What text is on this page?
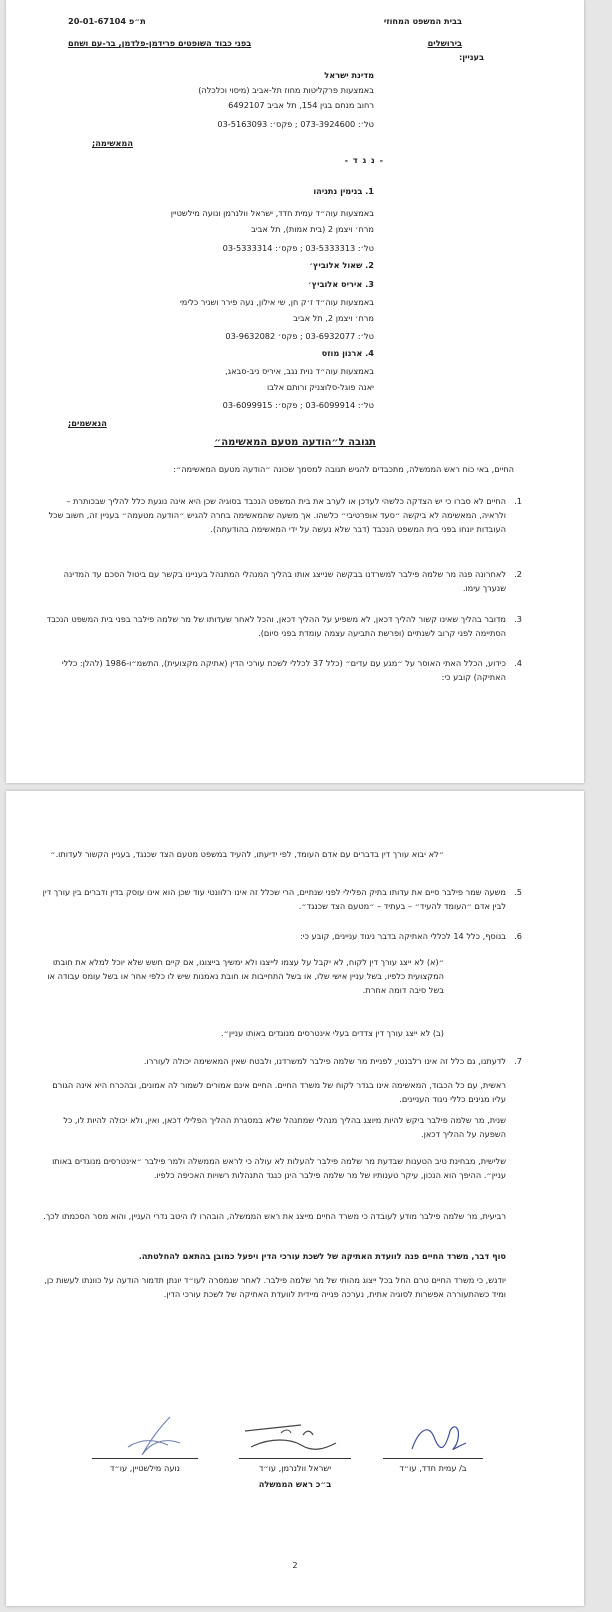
בבית המשפט המחוזי
ת״פ 20-01-67104
בירושלים
בפני כבוד השופטים פרידמן-פלדמן, בר-עם ושחם
בעניין:
מדינת ישראל
באמצעות פרקליטות מחוז תל-אביב (מיסוי וכלכלה)
רחוב מנחם בגין 154, תל אביב 6492107
טל׳: 073-3924600 ; פקס׳: 03-5163093
המאשימה;
- נ ג ד -
1. בנימין נתניהו
באמצעות עוה״ד עמית חדד, ישראל וולנרמן ונועה מילשטיין
מרח׳ ויצמן 2 (בית אמות), תל אביב
טל׳: 03-5333313 ; פקס׳: 03-5333314
2. שאול אלוביץ׳
3. איריס אלוביץ׳
באמצעות עוה״ד ז׳ק חן, שי אילון, נעה פירר ושניר כלימי
מרח׳ ויצמן 2, תל אביב
טל׳: 03-6932077 ; פקס׳ 03-9632082
4. ארנון מוזס
באמצעות עוה״ד נוית נגב, איריס ניב-סבאג,
יאנה פוגל-סלוצניק ורותם אלבו
טל׳: 03-6099914 ; פקס׳: 03-6099915
הנאשמים;
תגובה ל״הודעה מטעם המאשימה״
החיים, באי כוח ראש הממשלה, מתכבדים להגיש תגובה למסמך שכונה ״הודעה מטעם המאשימה״:
1.
החיים לא סברו כי יש הצדקה כלשהי לעדכן או לערב את בית המשפט הנכבד בסוגיה שכן היא אינה נוגעת כלל להליך שבכותרת – ולראיה, המאשימה לא ביקשה ״סעד אופרטיבי״ כלשהו. אך משעה שהמאשימה בחרה להגיש ״הודעה מטעמה״ בעניין זה, חשוב שכל העובדות יונחו בפני בית המשפט הנכבד (דבר שלא נעשה על ידי המאשימה בהודעתה).
2.
לאחרונה פנה מר שלמה פילבר למשרדנו בבקשה שנייצג אותו בהליך המנהלי המתנהל בעניינו בקשר עם ביטול הסכם עד המדינה שנערך עימו.
3.
מדובר בהליך שאינו קשור להליך דכאן, לא משפיע על ההליך דכאן, והכל לאחר שעדותו של מר שלמה פילבר בפני בית המשפט הנכבד הסתיימה לפני קרוב לשנתיים (ופרשת התביעה עצמה עומדת בפני סיום).
4.
כידוע, הכלל האתי האוסר על ״מגע עם עדים״ (כלל 37 לכללי לשכת עורכי הדין (אתיקה מקצועית), התשמ״ו-1986 (להלן: כללי האתיקה) קובע כי:
״לא יבוא עורך דין בדברים עם אדם העומד, לפי ידיעתו, להעיד במשפט מטעם הצד שכנגד, בעניין הקשור לעדותו.״
5.
משעה שמר פילבר סיים את עדותו בתיק הפלילי לפני שנתיים, הרי שכלל זה אינו רלוונטי עוד שכן הוא אינו עוסק בדין ודברים בין עורך דין לבין אדם ״העומד להעיד״ – בעתיד – ״מטעם הצד שכנגד״.
6.
בנוסף, כלל 14 לכללי האתיקה בדבר ניגוד עניינים, קובע כי:
״(א) לא ייצג עורך דין לקוח, לא יקבל על עצמו לייצגו ולא ימשיך בייצוגו, אם קיים חשש שלא יוכל למלא את חובתו המקצועית כלפיו, בשל עניין אישי שלו, או בשל התחייבות או חובת נאמנות שיש לו כלפי אחר או בשל עומס עבודה או בשל סיבה דומה אחרת.
(ב) לא ייצג עורך דין צדדים בעלי אינטרסים מנוגדים באותו עניין״.
7.
לדעתנו, גם כלל זה אינו רלבנטי, לפניית מר שלמה פילבר למשרדנו, ולבטח שאין המאשימה יכולה לעוררו.
ראשית, עם כל הכבוד, המאשימה אינו בגדר לקוח של משרד החיים. החיים אינם אמורים לשמור לה אמונים, ובהכרח היא אינה הגורם עליו מגינים כללי ניגוד העניינים.
שנית, מר שלמה פילבר ביקש להיות מיוצג בהליך מנהלי שמתנהל שלא במסגרת ההליך הפלילי דכאן, ואין, ולא יכולה להיות לו, כל השפעה על ההליך דכאן.
שלישית, מבחינת טיב הטענות שבדעת מר שלמה פילבר להעלות לא עולה כי לראש הממשלה ולמר פילבר ״אינטרסים מנוגדים באותו עניין״. ההיפך הוא הנכון, עיקר טענותיו של מר שלמה פילבר הינן כנגד התנהלות רשויות האכיפה כלפיו.
רביעית, מר שלמה פילבר מודע לעובדה כי משרד החיים מייצג את ראש הממשלה, הובהרו לו היטב נדרי העניין, והוא מסר הסכמתו לכך.
סוף דבר, משרד החיים פנה לוועדת האתיקה של לשכת עורכי הדין ויפעל כמובן בהתאם להחלטתה.
יודגש, כי משרד החיים טרם החל בכל ייצוג מהותי של מר שלמה פילבר. לאחר שנמסרה לעו״ד יונתן תדמור הודעה על כוונתו לעשות כן, ומיד כשהתעוררה אפשרות לסוגיה אתית, נערכה פנייה מיידית לוועדת האתיקה של לשכת עורכי הדין.
ב/ עמית חדד, עו״ד
ישראל וולנרמן, עו״ד
נועה מילשטיין, עו״ד
ב״כ ראש הממשלה
2
